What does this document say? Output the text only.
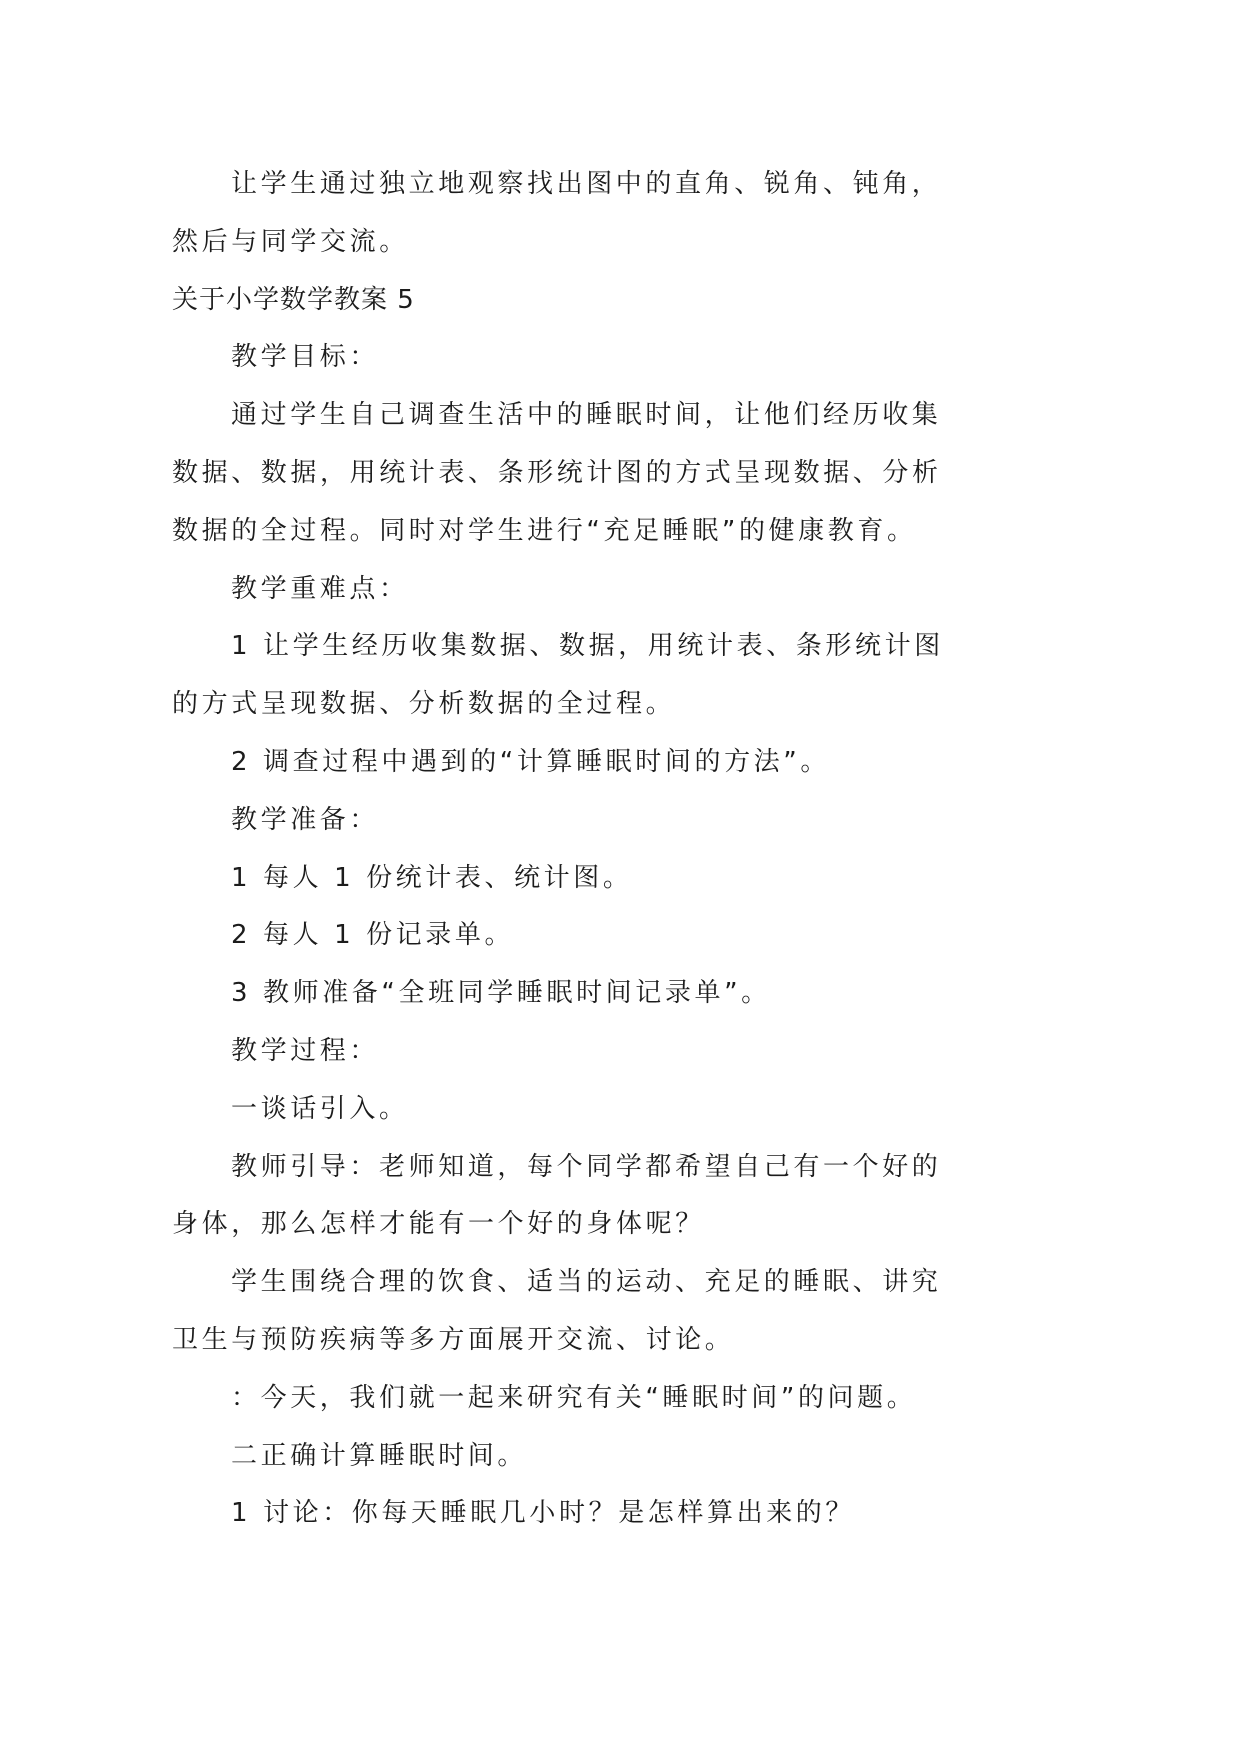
让学生通过独立地观察找出图中的直角、锐角、钝角，
然后与同学交流。
关于小学数学教案 5
教学目标：
通过学生自己调查生活中的睡眠时间，让他们经历收集
数据、数据，用统计表、条形统计图的方式呈现数据、分析
数据的全过程。同时对学生进行“充足睡眠”的健康教育。
教学重难点：
1 让学生经历收集数据、数据，用统计表、条形统计图
的方式呈现数据、分析数据的全过程。
2 调查过程中遇到的“计算睡眠时间的方法”。
教学准备：
1 每人 1 份统计表、统计图。
2 每人 1 份记录单。
3 教师准备“全班同学睡眠时间记录单”。
教学过程：
一谈话引入。
教师引导：老师知道，每个同学都希望自己有一个好的
身体，那么怎样才能有一个好的身体呢？
学生围绕合理的饮食、适当的运动、充足的睡眠、讲究
卫生与预防疾病等多方面展开交流、讨论。
：今天，我们就一起来研究有关“睡眠时间”的问题。
二正确计算睡眠时间。
1 讨论：你每天睡眠几小时？是怎样算出来的？
